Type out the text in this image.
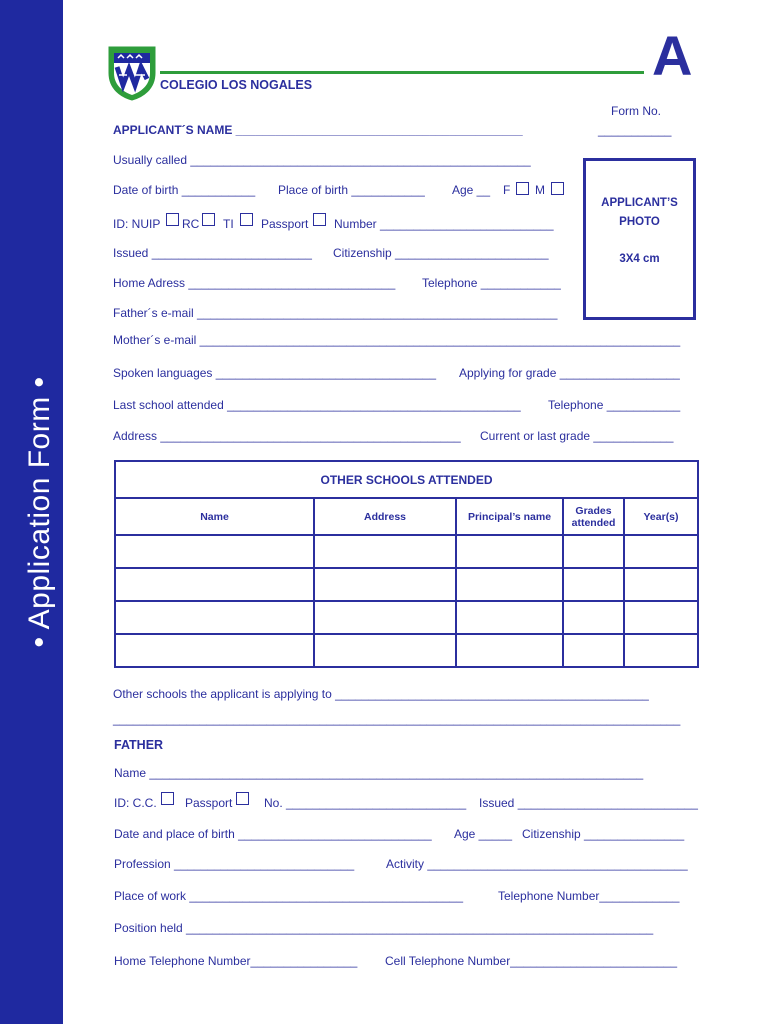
• Application Form •
COLEGIO LOS NOGALES	A
Form No.
___________
APPLICANT´S NAME ___________________________________________
Usually called ___________________________________________________
Date of birth ___________ Place of birth ___________ Age __ F M
ID: NUIP RC TI Passport Number __________________________
Issued ________________________ Citizenship _______________________
Home Adress _______________________________ Telephone ____________
Father´s e-mail ______________________________________________________
Mother´s e-mail ________________________________________________________________________
APPLICANT’S
PHOTO
3X4 cm
Spoken languages _________________________________ Applying for grade __________________
Last school attended ____________________________________________ Telephone ___________
Address _____________________________________________ Current or last grade ____________
OTHER SCHOOLS ATTENDED				
Name	Address	Principal’s name	Grades attended	Year(s)

Other schools the applicant is applying to _______________________________________________
_____________________________________________________________________________________
FATHER
Name __________________________________________________________________________
ID: C.C. Passport	No. ___________________________ Issued ___________________________
Date and place of birth _____________________________ Age _____ Citizenship _______________
Profession ___________________________	Activity _______________________________________
Place of work _________________________________________	Telephone Number____________
Position held ______________________________________________________________________
Home Telephone Number________________ Cell Telephone Number_________________________
